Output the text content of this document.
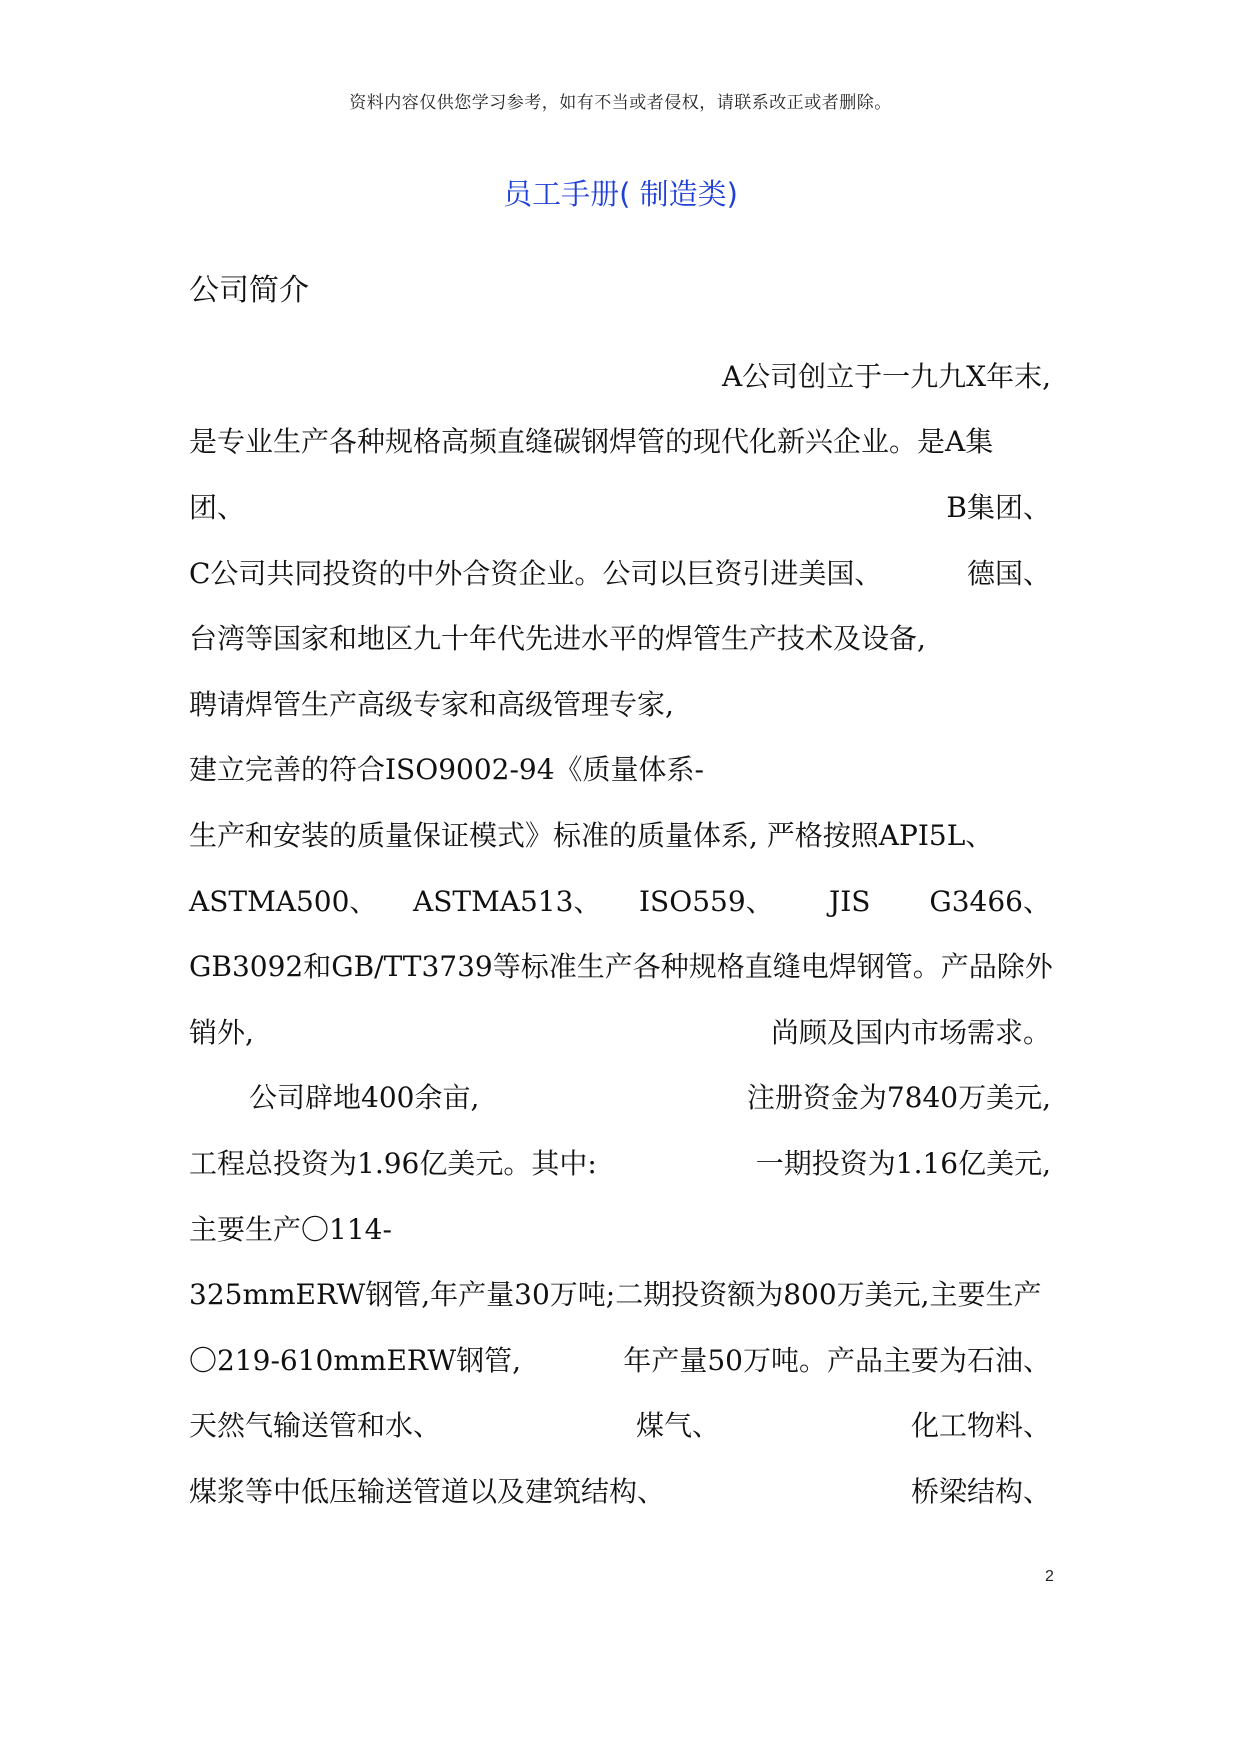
资料内容仅供您学习参考，如有不当或者侵权，请联系改正或者删除。
员工手册( 制造类)
公司简介
A公司创立于一九九X年末,
是专业生产各种规格高频直缝碳钢焊管的现代化新兴企业。是A集
团、	B集团、
C公司共同投资的中外合资企业。公司以巨资引进美国、	德国、
台湾等国家和地区九十年代先进水平的焊管生产技术及设备,
聘请焊管生产高级专家和高级管理专家,
建立完善的符合ISO9002-94《质量体系-
生产和安装的质量保证模式》标准的质量体系, 严格按照API5L、
ASTMA500、 ASTMA513、 ISO559、 JIS G3466、
GB3092和GB/TT3739等标准生产各种规格直缝电焊钢管。产品除外
销外,	尚顾及国内市场需求。
公司辟地400余亩,	注册资金为7840万美元,
工程总投资为1.96亿美元。其中:	一期投资为1.16亿美元,
主要生产〇114-
325mmERW钢管,年产量30万吨;二期投资额为800万美元,主要生产
〇219-610mmERW钢管,	年产量50万吨。产品主要为石油、
天然气输送管和水、	煤气、	化工物料、
煤浆等中低压输送管道以及建筑结构、	桥梁结构、
2
